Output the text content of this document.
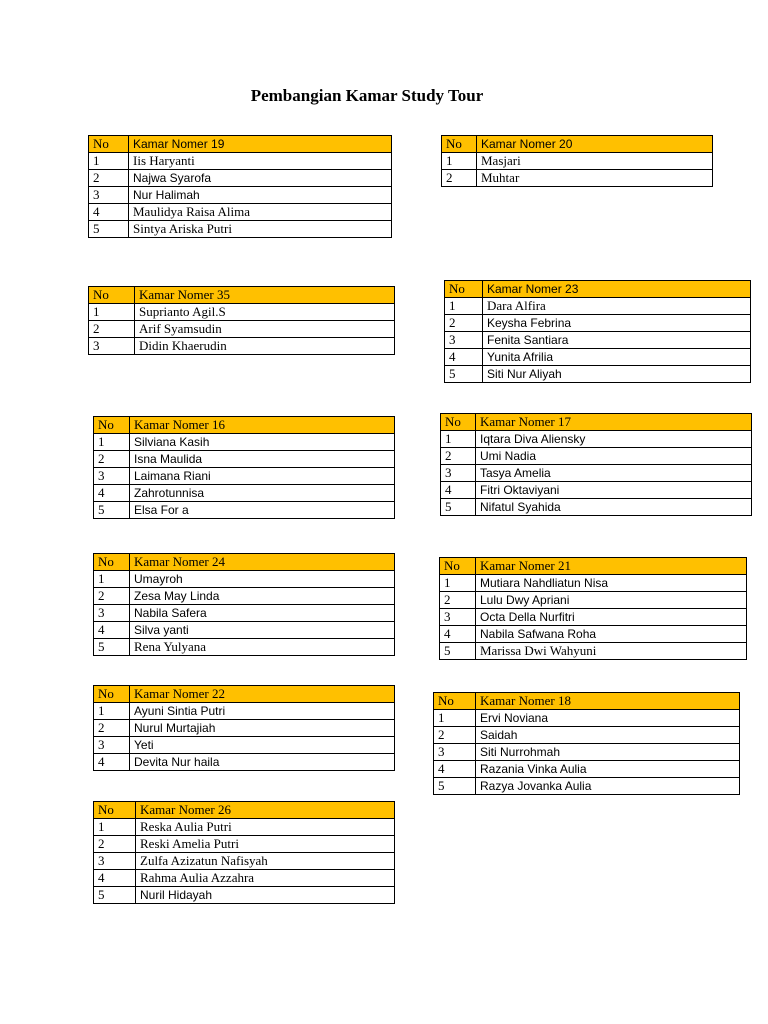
Pembangian Kamar Study Tour
No	Kamar Nomer 19
1	Iis Haryanti
2	Najwa Syarofa
3	Nur Halimah
4	Maulidya Raisa Alima
5	Sintya Ariska Putri
No	Kamar Nomer 20
1	Masjari
2	Muhtar
No	Kamar Nomer 35
1	Suprianto Agil.S
2	Arif Syamsudin
3	Didin Khaerudin
No	Kamar Nomer 23
1	Dara Alfira
2	Keysha Febrina
3	Fenita Santiara
4	Yunita Afrilia
5	Siti Nur Aliyah
No	Kamar Nomer 16
1	Silviana Kasih
2	Isna Maulida
3	Laimana Riani
4	Zahrotunnisa
5	Elsa For a
No	Kamar Nomer 17
1	Iqtara Diva Aliensky
2	Umi Nadia
3	Tasya Amelia
4	Fitri Oktaviyani
5	Nifatul Syahida
No	Kamar Nomer 24
1	Umayroh
2	Zesa May Linda
3	Nabila Safera
4	Silva yanti
5	Rena Yulyana
No	Kamar Nomer 21
1	Mutiara Nahdliatun Nisa
2	Lulu Dwy Apriani
3	Octa Della Nurfitri
4	Nabila Safwana Roha
5	Marissa Dwi Wahyuni
No	Kamar Nomer 22
1	Ayuni Sintia Putri
2	Nurul Murtajiah
3	Yeti
4	Devita Nur haila
No	Kamar Nomer 18
1	Ervi Noviana
2	Saidah
3	Siti Nurrohmah
4	Razania Vinka Aulia
5	Razya Jovanka Aulia
No	Kamar Nomer 26
1	Reska Aulia Putri
2	Reski Amelia Putri
3	Zulfa Azizatun Nafisyah
4	Rahma Aulia Azzahra
5	Nuril Hidayah
